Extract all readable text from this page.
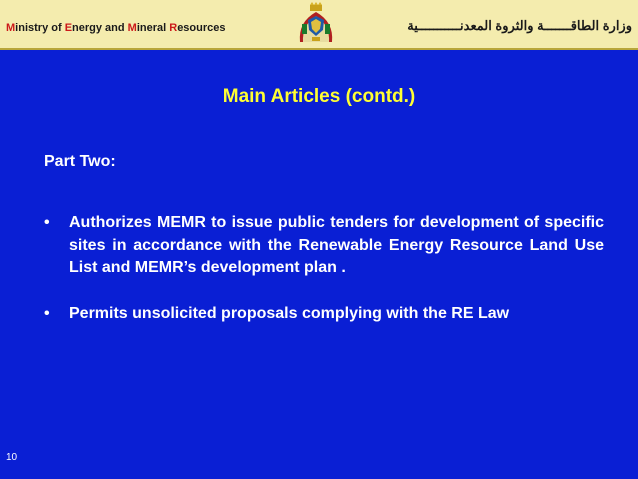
Ministry of Energy and Mineral Resources	وزارة الطاقـــــــة والثروة المعدنـــــــــــية
Main Articles (contd.)
Part Two:
• Authorizes MEMR to issue public tenders for development of specific sites in accordance with the Renewable Energy Resource Land Use List and MEMR’s development plan .
• Permits unsolicited proposals complying with the RE Law
10
